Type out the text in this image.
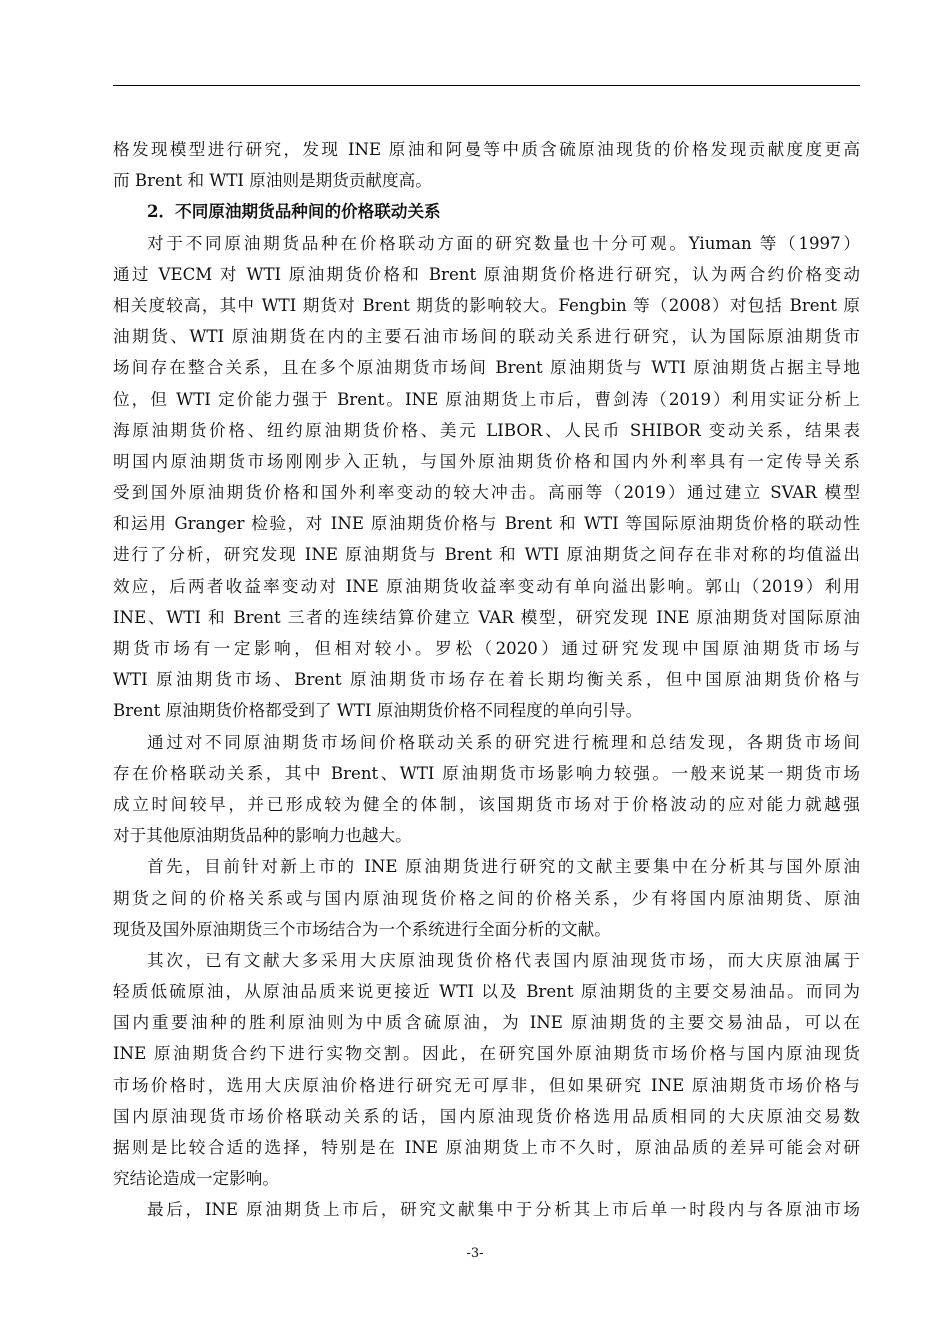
格发现模型进行研究，发现 INE 原油和阿曼等中质含硫原油现货的价格发现贡献度度更高
而 Brent 和 WTI 原油则是期货贡献度高。
2．不同原油期货品种间的价格联动关系
对于不同原油期货品种在价格联动方面的研究数量也十分可观。Yiuman 等（1997）
通过 VECM 对 WTI 原油期货价格和 Brent 原油期货价格进行研究，认为两合约价格变动
相关度较高，其中 WTI 期货对 Brent 期货的影响较大。Fengbin 等（2008）对包括 Brent 原
油期货、WTI 原油期货在内的主要石油市场间的联动关系进行研究，认为国际原油期货市
场间存在整合关系，且在多个原油期货市场间 Brent 原油期货与 WTI 原油期货占据主导地
位，但 WTI 定价能力强于 Brent。INE 原油期货上市后，曹剑涛（2019）利用实证分析上
海原油期货价格、纽约原油期货价格、美元 LIBOR、人民币 SHIBOR 变动关系，结果表
明国内原油期货市场刚刚步入正轨，与国外原油期货价格和国内外利率具有一定传导关系
受到国外原油期货价格和国外利率变动的较大冲击。高丽等（2019）通过建立 SVAR 模型
和运用 Granger 检验，对 INE 原油期货价格与 Brent 和 WTI 等国际原油期货价格的联动性
进行了分析，研究发现 INE 原油期货与 Brent 和 WTI 原油期货之间存在非对称的均值溢出
效应，后两者收益率变动对 INE 原油期货收益率变动有单向溢出影响。郭山（2019）利用
INE、WTI 和 Brent 三者的连续结算价建立 VAR 模型，研究发现 INE 原油期货对国际原油
期货市场有一定影响，但相对较小。罗松（2020）通过研究发现中国原油期货市场与
WTI 原油期货市场、Brent 原油期货市场存在着长期均衡关系，但中国原油期货价格与
Brent 原油期货价格都受到了 WTI 原油期货价格不同程度的单向引导。
通过对不同原油期货市场间价格联动关系的研究进行梳理和总结发现，各期货市场间
存在价格联动关系，其中 Brent、WTI 原油期货市场影响力较强。一般来说某一期货市场
成立时间较早，并已形成较为健全的体制，该国期货市场对于价格波动的应对能力就越强
对于其他原油期货品种的影响力也越大。
首先，目前针对新上市的 INE 原油期货进行研究的文献主要集中在分析其与国外原油
期货之间的价格关系或与国内原油现货价格之间的价格关系，少有将国内原油期货、原油
现货及国外原油期货三个市场结合为一个系统进行全面分析的文献。
其次，已有文献大多采用大庆原油现货价格代表国内原油现货市场，而大庆原油属于
轻质低硫原油，从原油品质来说更接近 WTI 以及 Brent 原油期货的主要交易油品。而同为
国内重要油种的胜利原油则为中质含硫原油，为 INE 原油期货的主要交易油品，可以在
INE 原油期货合约下进行实物交割。因此，在研究国外原油期货市场价格与国内原油现货
市场价格时，选用大庆原油价格进行研究无可厚非，但如果研究 INE 原油期货市场价格与
国内原油现货市场价格联动关系的话，国内原油现货价格选用品质相同的大庆原油交易数
据则是比较合适的选择，特别是在 INE 原油期货上市不久时，原油品质的差异可能会对研
究结论造成一定影响。
最后，INE 原油期货上市后，研究文献集中于分析其上市后单一时段内与各原油市场
-3-
